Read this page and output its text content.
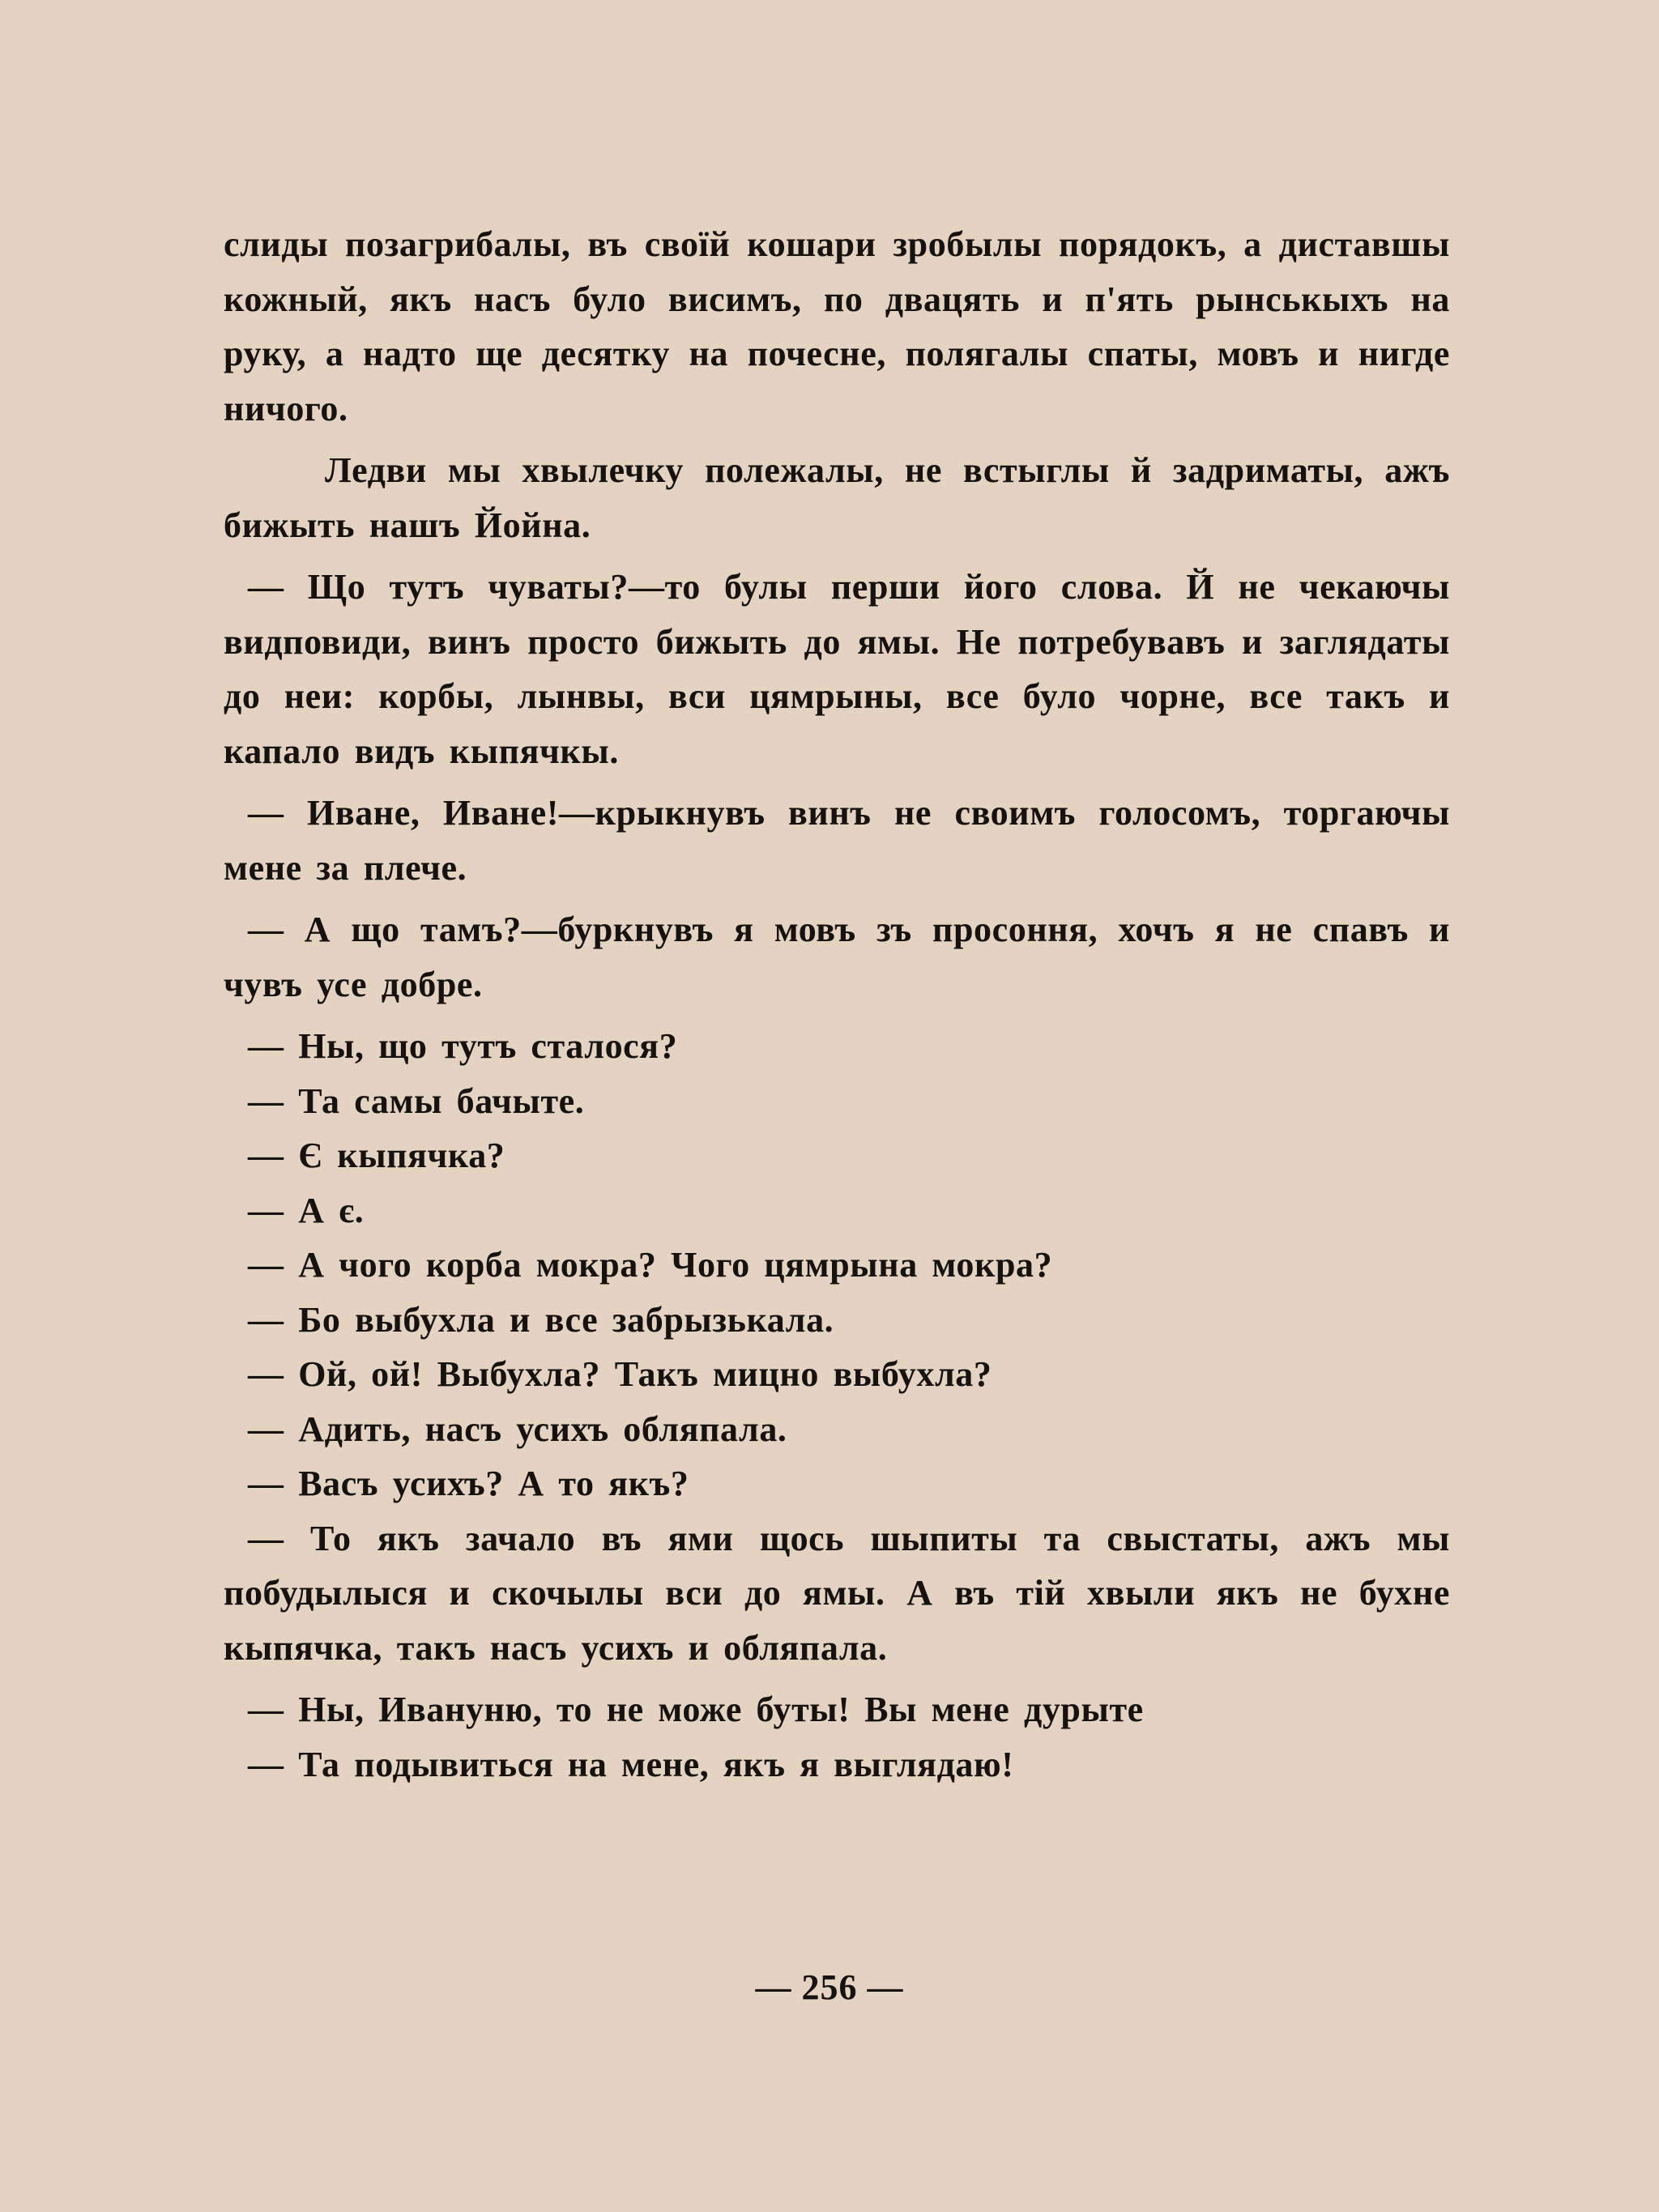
слиды позагрибалы, въ своїй кошари зробылы порядокъ, а диставшы кожный, якъ насъ було висимъ, по двацять и п'ять рынськыхъ на руку, а надто ще десятку на почесне, полягалы спаты, мовъ и нигде ничого.

Ледви мы хвылечку полежалы, не встыглы й задриматы, ажъ бижыть нашъ Йойна.

— Що тутъ чуваты?—то булы перши його слова. Й не чекаючы видповиди, винъ просто бижыть до ямы. Не потребувавъ и заглядаты до неи: корбы, лынвы, вси цямрыны, все було чорне, все такъ и капало видъ кыпячкы.

— Иване, Иване!—крыкнувъ винъ не своимъ голосомъ, торгаючы мене за плече.

— А що тамъ?—буркнувъ я мовъ зъ просоння, хочъ я не спавъ и чувъ усе добре.

— Ны, що тутъ сталося?

— Та самы бачыте.

— Є кыпячка?

— А є.

— А чого корба мокра? Чого цямрына мокра?

— Бо выбухла и все забрызькала.

— Ой, ой! Выбухла? Такъ мицно выбухла?

— Адить, насъ усихъ обляпала.

— Васъ усихъ? А то якъ?

— То якъ зачало въ ями щось шыпиты та свыстаты, ажъ мы побудылыся и скочылы вси до ямы. А въ тій хвыли якъ не бухне кыпячка, такъ насъ усихъ и обляпала.

— Ны, Ивануню, то не може буты! Вы мене дурыте

— Та подывиться на мене, якъ я выглядаю!

— 256 —
